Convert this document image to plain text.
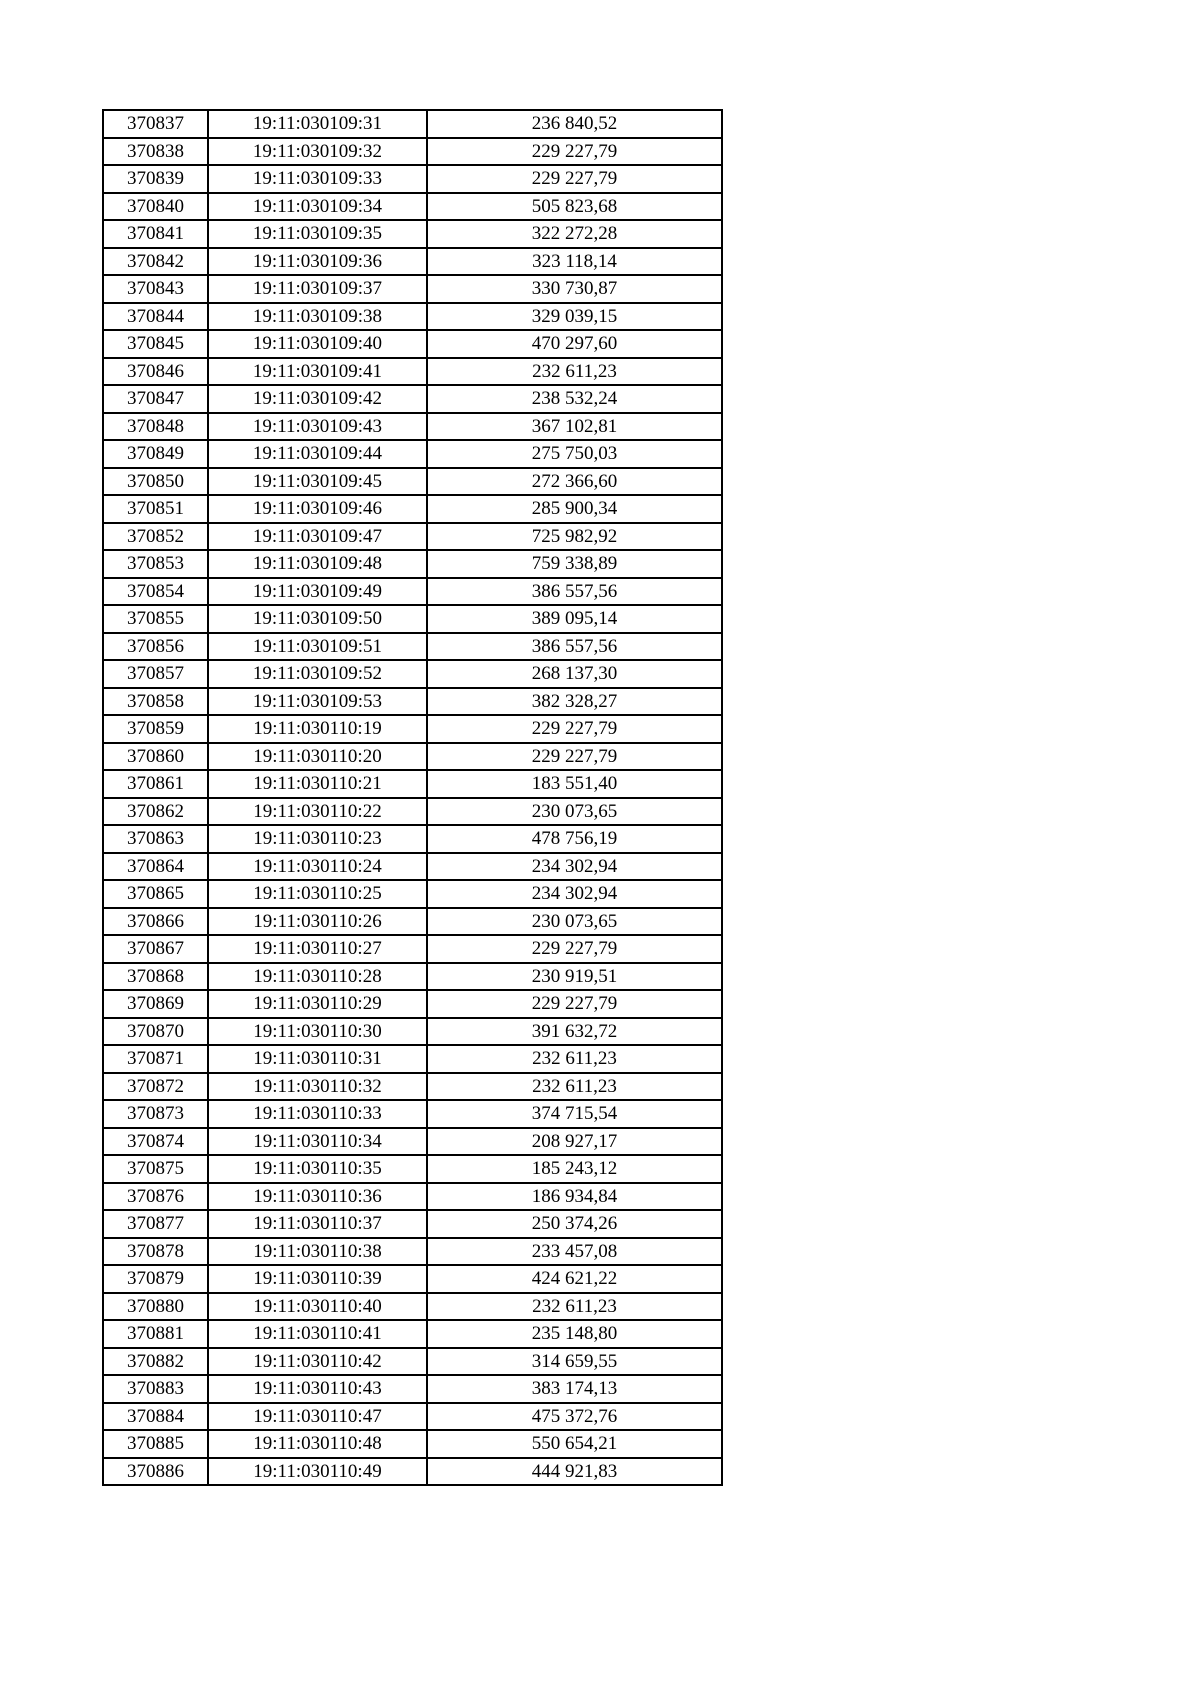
370837	19:11:030109:31	236 840,52
370838	19:11:030109:32	229 227,79
370839	19:11:030109:33	229 227,79
370840	19:11:030109:34	505 823,68
370841	19:11:030109:35	322 272,28
370842	19:11:030109:36	323 118,14
370843	19:11:030109:37	330 730,87
370844	19:11:030109:38	329 039,15
370845	19:11:030109:40	470 297,60
370846	19:11:030109:41	232 611,23
370847	19:11:030109:42	238 532,24
370848	19:11:030109:43	367 102,81
370849	19:11:030109:44	275 750,03
370850	19:11:030109:45	272 366,60
370851	19:11:030109:46	285 900,34
370852	19:11:030109:47	725 982,92
370853	19:11:030109:48	759 338,89
370854	19:11:030109:49	386 557,56
370855	19:11:030109:50	389 095,14
370856	19:11:030109:51	386 557,56
370857	19:11:030109:52	268 137,30
370858	19:11:030109:53	382 328,27
370859	19:11:030110:19	229 227,79
370860	19:11:030110:20	229 227,79
370861	19:11:030110:21	183 551,40
370862	19:11:030110:22	230 073,65
370863	19:11:030110:23	478 756,19
370864	19:11:030110:24	234 302,94
370865	19:11:030110:25	234 302,94
370866	19:11:030110:26	230 073,65
370867	19:11:030110:27	229 227,79
370868	19:11:030110:28	230 919,51
370869	19:11:030110:29	229 227,79
370870	19:11:030110:30	391 632,72
370871	19:11:030110:31	232 611,23
370872	19:11:030110:32	232 611,23
370873	19:11:030110:33	374 715,54
370874	19:11:030110:34	208 927,17
370875	19:11:030110:35	185 243,12
370876	19:11:030110:36	186 934,84
370877	19:11:030110:37	250 374,26
370878	19:11:030110:38	233 457,08
370879	19:11:030110:39	424 621,22
370880	19:11:030110:40	232 611,23
370881	19:11:030110:41	235 148,80
370882	19:11:030110:42	314 659,55
370883	19:11:030110:43	383 174,13
370884	19:11:030110:47	475 372,76
370885	19:11:030110:48	550 654,21
370886	19:11:030110:49	444 921,83
